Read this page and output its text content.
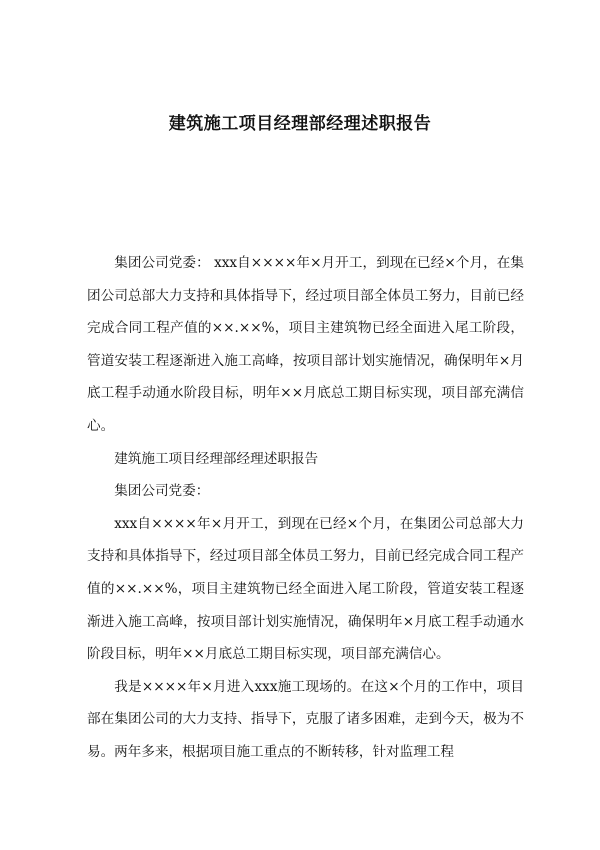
建筑施工项目经理部经理述职报告

集团公司党委： xxx自××××年×月开工，到现在已经×个月，在集团公司总部大力支持和具体指导下，经过项目部全体员工努力，目前已经完成合同工程产值的××.××%，项目主建筑物已经全面进入尾工阶段，管道安装工程逐渐进入施工高峰，按项目部计划实施情况，确保明年×月底工程手动通水阶段目标，明年××月底总工期目标实现，项目部充满信心。

建筑施工项目经理部经理述职报告

集团公司党委：

xxx自××××年×月开工，到现在已经×个月，在集团公司总部大力支持和具体指导下，经过项目部全体员工努力，目前已经完成合同工程产值的××.××%，项目主建筑物已经全面进入尾工阶段，管道安装工程逐渐进入施工高峰，按项目部计划实施情况，确保明年×月底工程手动通水阶段目标，明年××月底总工期目标实现，项目部充满信心。

我是××××年×月进入xxx施工现场的。在这×个月的工作中，项目部在集团公司的大力支持、指导下，克服了诸多困难，走到今天，极为不易。两年多来，根据项目施工重点的不断转移，针对监理工程
